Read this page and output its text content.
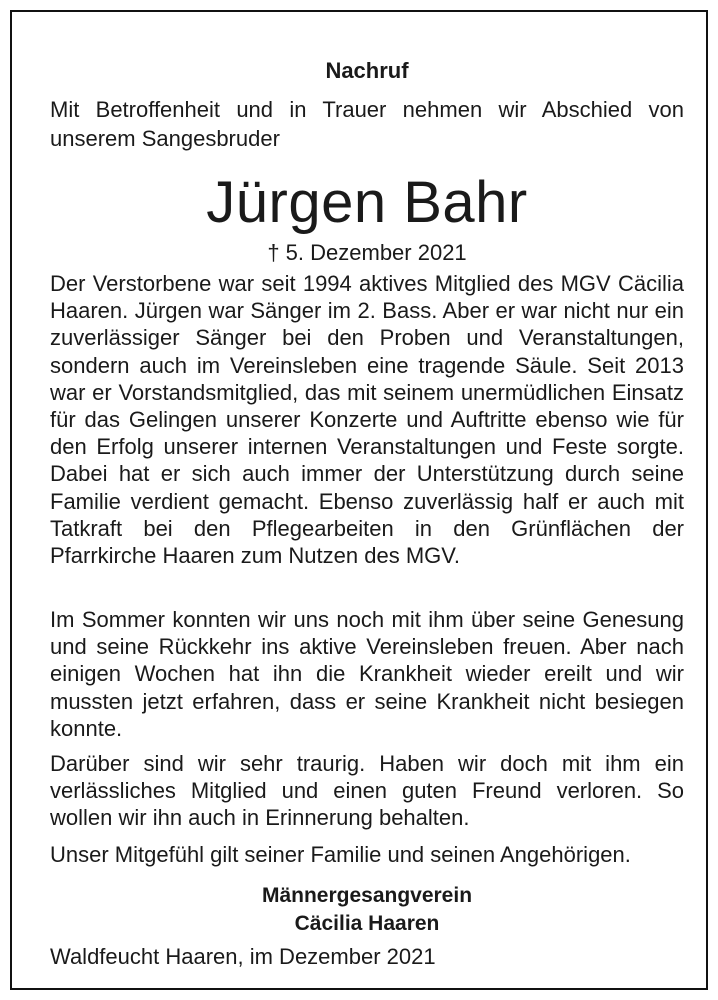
Nachruf
Mit Betroffenheit und in Trauer nehmen wir Abschied von unserem Sangesbruder
Jürgen Bahr
† 5. Dezember 2021

Der Verstorbene war seit 1994 aktives Mitglied des MGV Cäcilia Haaren. Jürgen war Sänger im 2. Bass. Aber er war nicht nur ein zuverlässiger Sänger bei den Proben und Veranstaltungen, sondern auch im Vereinsleben eine tragende Säule. Seit 2013 war er Vorstandsmitglied, das mit seinem unermüdlichen Einsatz für das Gelingen unserer Konzerte und Auftritte ebenso wie für den Erfolg unserer internen Veranstaltungen und Feste sorgte. Dabei hat er sich auch immer der Unterstützung durch seine Familie verdient gemacht. Ebenso zuverlässig half er auch mit Tatkraft bei den Pflegearbeiten in den Grünflächen der Pfarrkirche Haaren zum Nutzen des MGV.

Im Sommer konnten wir uns noch mit ihm über seine Genesung und seine Rückkehr ins aktive Vereinsleben freuen. Aber nach einigen Wochen hat ihn die Krankheit wieder ereilt und wir mussten jetzt erfahren, dass er seine Krankheit nicht besiegen konnte.

Darüber sind wir sehr traurig. Haben wir doch mit ihm ein verlässliches Mitglied und einen guten Freund verloren. So wollen wir ihn auch in Erinnerung behalten.

Unser Mitgefühl gilt seiner Familie und seinen Angehörigen.

Männergesangverein
Cäcilia Haaren
Waldfeucht Haaren, im Dezember 2021
